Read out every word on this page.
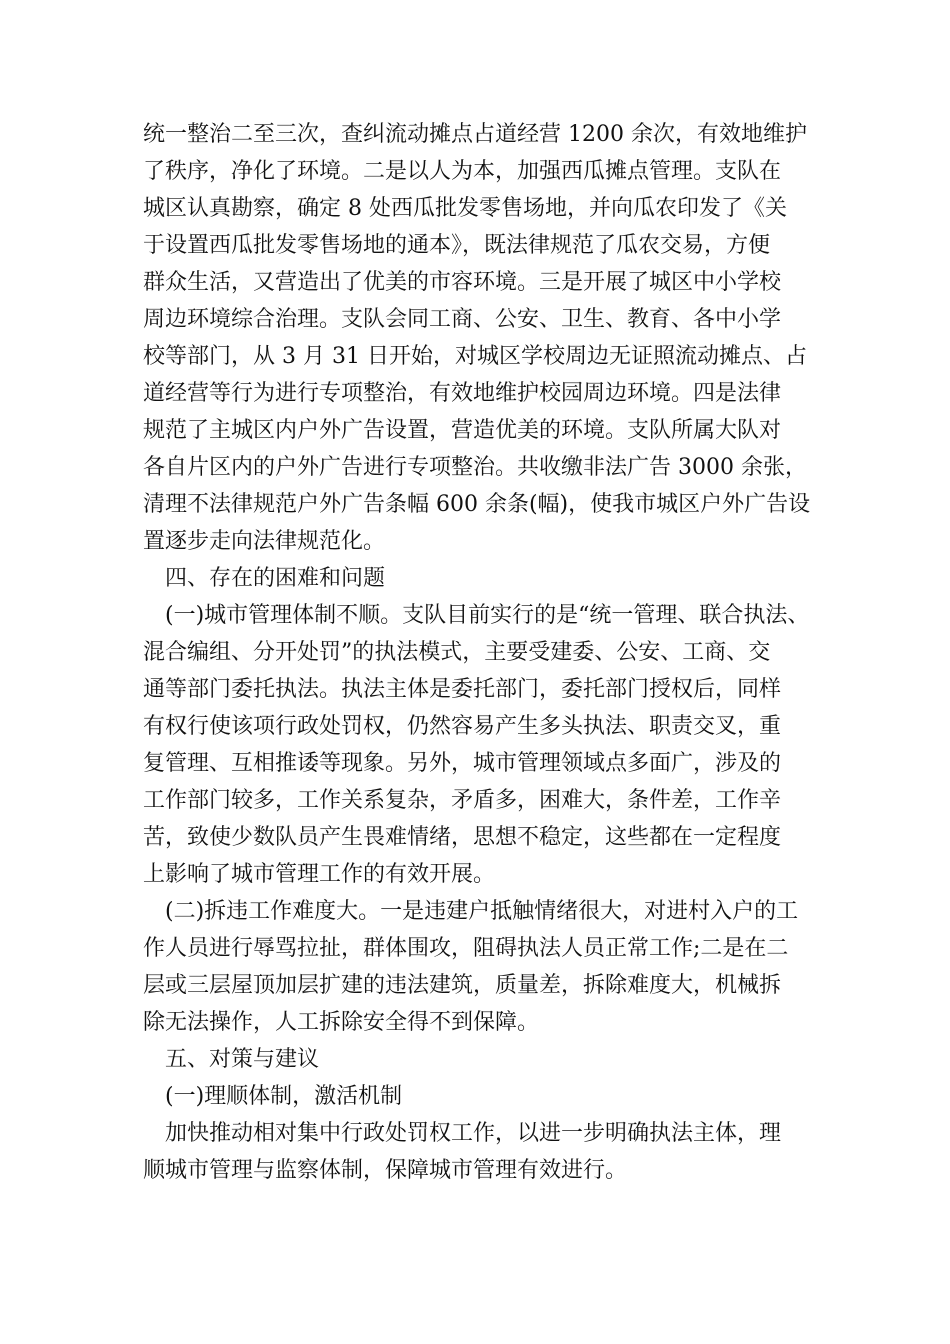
统一整治二至三次，查纠流动摊点占道经营 1200 余次，有效地维护
了秩序，净化了环境。二是以人为本，加强西瓜摊点管理。支队在
城区认真勘察，确定 8 处西瓜批发零售场地，并向瓜农印发了《关
于设置西瓜批发零售场地的通本》，既法律规范了瓜农交易，方便
群众生活，又营造出了优美的市容环境。三是开展了城区中小学校
周边环境综合治理。支队会同工商、公安、卫生、教育、各中小学
校等部门，从 3 月 31 日开始，对城区学校周边无证照流动摊点、占
道经营等行为进行专项整治，有效地维护校园周边环境。四是法律
规范了主城区内户外广告设置，营造优美的环境。支队所属大队对
各自片区内的户外广告进行专项整治。共收缴非法广告 3000 余张，
清理不法律规范户外广告条幅 600 余条(幅)，使我市城区户外广告设
置逐步走向法律规范化。
四、存在的困难和问题
(一)城市管理体制不顺。支队目前实行的是“统一管理、联合执法、
混合编组、分开处罚”的执法模式，主要受建委、公安、工商、交
通等部门委托执法。执法主体是委托部门，委托部门授权后，同样
有权行使该项行政处罚权，仍然容易产生多头执法、职责交叉，重
复管理、互相推诿等现象。另外，城市管理领域点多面广，涉及的
工作部门较多，工作关系复杂，矛盾多，困难大，条件差，工作辛
苦，致使少数队员产生畏难情绪，思想不稳定，这些都在一定程度
上影响了城市管理工作的有效开展。
(二)拆违工作难度大。一是违建户抵触情绪很大，对进村入户的工
作人员进行辱骂拉扯，群体围攻，阻碍执法人员正常工作;二是在二
层或三层屋顶加层扩建的违法建筑，质量差，拆除难度大，机械拆
除无法操作，人工拆除安全得不到保障。
五、对策与建议
(一)理顺体制，激活机制
加快推动相对集中行政处罚权工作，以进一步明确执法主体，理
顺城市管理与监察体制，保障城市管理有效进行。
